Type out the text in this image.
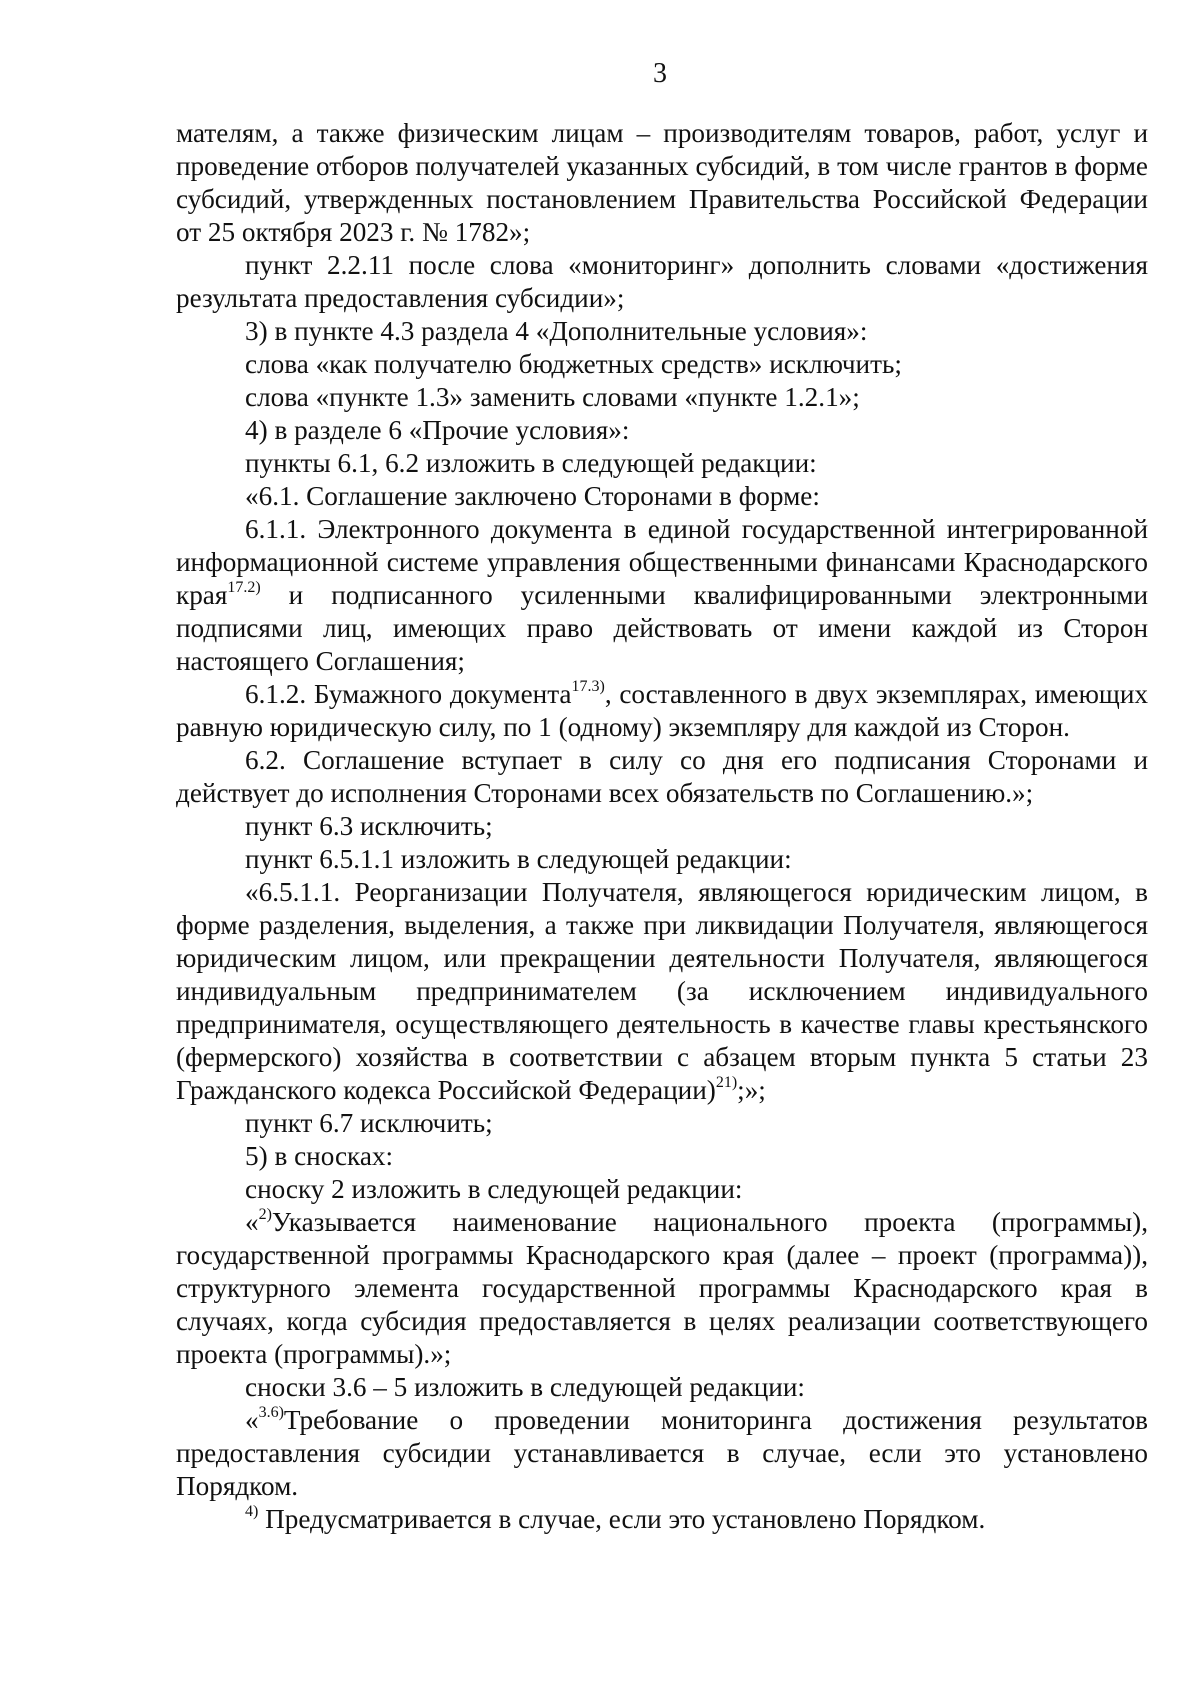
3

мателям, а также физическим лицам – производителям товаров, работ, услуг и проведение отборов получателей указанных субсидий, в том числе грантов в форме субсидий, утвержденных постановлением Правительства Российской Федерации от 25 октября 2023 г. № 1782»;

пункт 2.2.11 после слова «мониторинг» дополнить словами «достижения результата предоставления субсидии»;

3) в пункте 4.3 раздела 4 «Дополнительные условия»:

слова «как получателю бюджетных средств» исключить;

слова «пункте 1.3» заменить словами «пункте 1.2.1»;

4) в разделе 6 «Прочие условия»:

пункты 6.1, 6.2 изложить в следующей редакции:

«6.1. Соглашение заключено Сторонами в форме:

6.1.1. Электронного документа в единой государственной интегрированной информационной системе управления общественными финансами Краснодарского края$^{17.2)}$ и подписанного усиленными квалифицированными электронными подписями лиц, имеющих право действовать от имени каждой из Сторон настоящего Соглашения;

6.1.2. Бумажного документа$^{17.3)}$, составленного в двух экземплярах, имеющих равную юридическую силу, по 1 (одному) экземпляру для каждой из Сторон.

6.2. Соглашение вступает в силу со дня его подписания Сторонами и действует до исполнения Сторонами всех обязательств по Соглашению.»;

пункт 6.3 исключить;

пункт 6.5.1.1 изложить в следующей редакции:

«6.5.1.1. Реорганизации Получателя, являющегося юридическим лицом, в форме разделения, выделения, а также при ликвидации Получателя, являющегося юридическим лицом, или прекращении деятельности Получателя, являющегося индивидуальным предпринимателем (за исключением индивидуального предпринимателя, осуществляющего деятельность в качестве главы крестьянского (фермерского) хозяйства в соответствии с абзацем вторым пункта 5 статьи 23 Гражданского кодекса Российской Федерации)$^{21)}$;»;

пункт 6.7 исключить;

5) в сносках:

сноску 2 изложить в следующей редакции:

«$^{2)}$Указывается наименование национального проекта (программы), государственной программы Краснодарского края (далее – проект (программа)), структурного элемента государственной программы Краснодарского края в случаях, когда субсидия предоставляется в целях реализации соответствующего проекта (программы).»;

сноски 3.6 – 5 изложить в следующей редакции:

«$^{3.6)}$Требование о проведении мониторинга достижения результатов предоставления субсидии устанавливается в случае, если это установлено Порядком.

$^{4)}$ Предусматривается в случае, если это установлено Порядком.
